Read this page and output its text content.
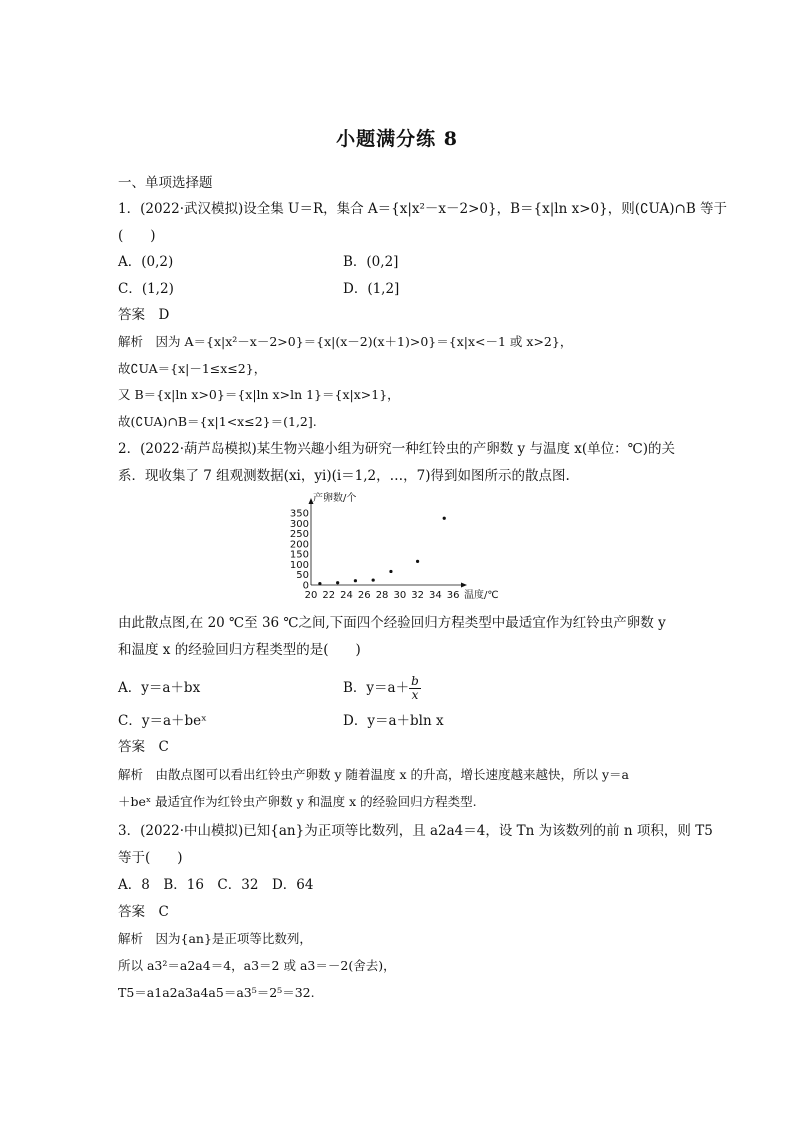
小题满分练 8
一、单项选择题
1．(2022·武汉模拟)设全集 U＝R，集合 A＝{x|x²－x－2>0}，B＝{x|ln x>0}，则(∁UA)∩B 等于
(　　)
A．(0,2)	B．(0,2]
C．(1,2)	D．(1,2]
答案　D
解析　因为 A＝{x|x²－x－2>0}＝{x|(x－2)(x＋1)>0}＝{x|x<－1 或 x>2}，
故∁UA＝{x|－1≤x≤2}，
又 B＝{x|ln x>0}＝{x|ln x>ln 1}＝{x|x>1}，
故(∁UA)∩B＝{x|1<x≤2}＝(1,2].
2．(2022·葫芦岛模拟)某生物兴趣小组为研究一种红铃虫的产卵数 y 与温度 x(单位：℃)的关
系．现收集了 7 组观测数据(xi，yi)(i＝1,2，…，7)得到如图所示的散点图.
产卵数/个
温度/℃
0
50
100
150
200
250
300
350
20 22 24 26 28 30 32 34 36
由此散点图,在 20 ℃至 36 ℃之间,下面四个经验回归方程类型中最适宜作为红铃虫产卵数 y
和温度 x 的经验回归方程类型的是(　　)
A．y＝a＋bx	B．$y=a+ \frac{b}{x}$
C．y＝a＋beˣ	D．y＝a＋bln x
答案　C
解析　由散点图可以看出红铃虫产卵数 y 随着温度 x 的升高，增长速度越来越快，所以 y＝a
＋beˣ 最适宜作为红铃虫产卵数 y 和温度 x 的经验回归方程类型.
3．(2022·中山模拟)已知{an}为正项等比数列，且 a2a4＝4，设 Tn 为该数列的前 n 项积，则 T5
等于(　　)
A．8　B．16　C．32　D．64
答案　C
解析　因为{an}是正项等比数列，
所以 a3²＝a2a4＝4，a3＝2 或 a3＝－2(舍去)，
T5＝a1a2a3a4a5＝a3⁵＝2⁵＝32.
